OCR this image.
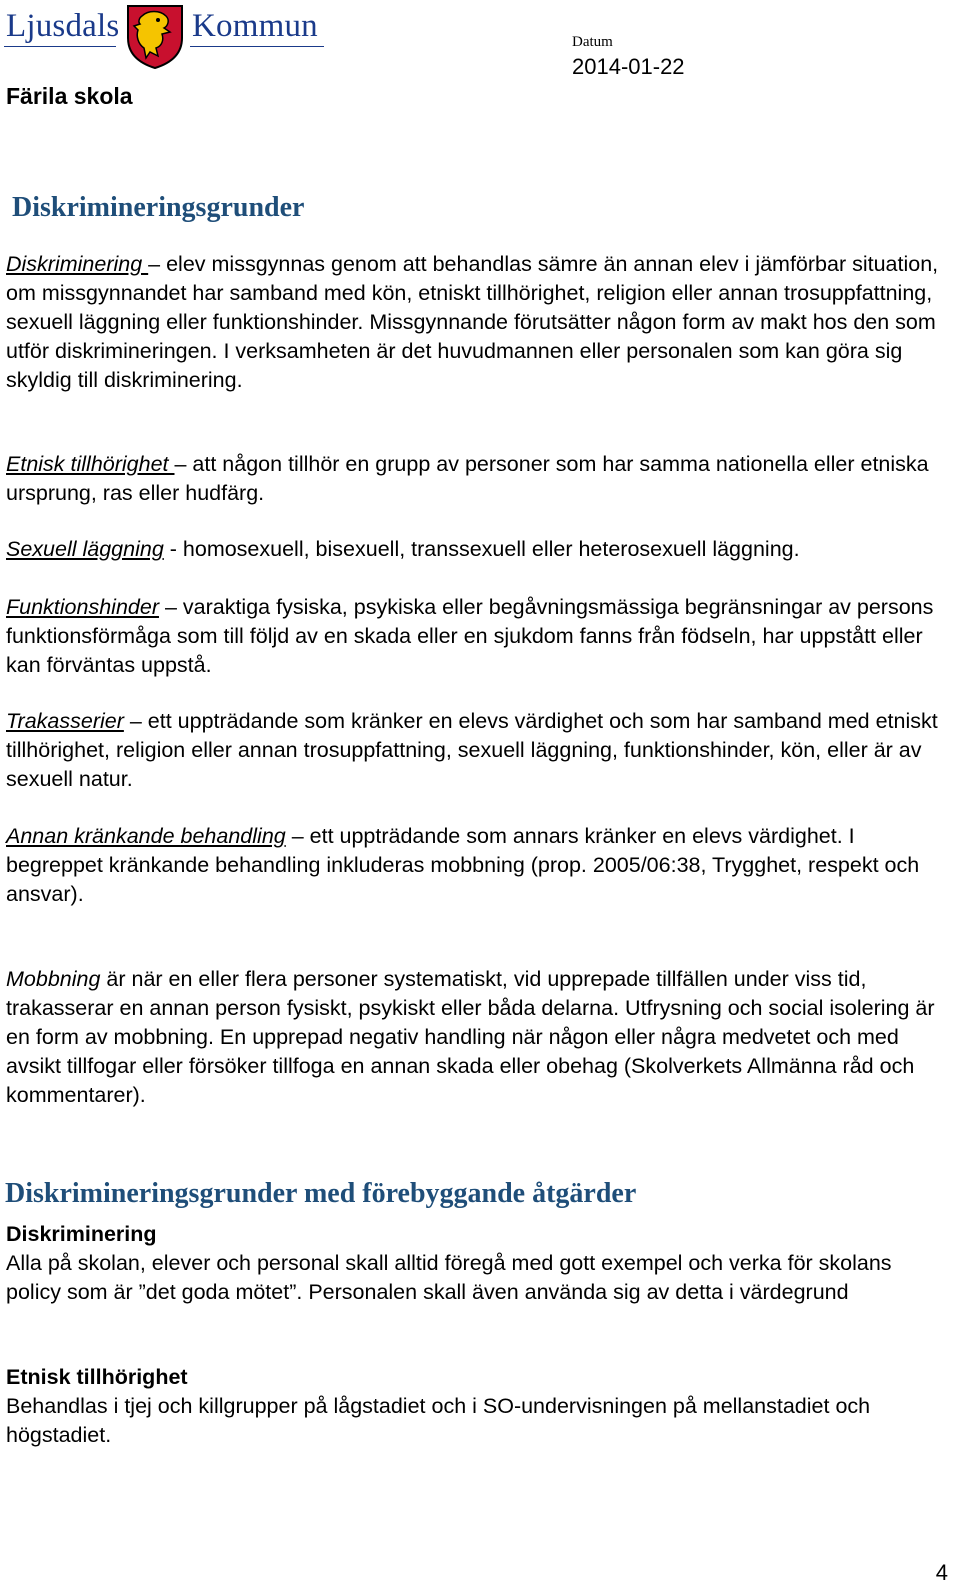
Ljusdals Kommun
Färila skola
Datum
2014-01-22
Diskrimineringsgrunder

Diskriminering – elev missgynnas genom att behandlas sämre än annan elev i jämförbar situation, om missgynnandet har samband med kön, etniskt tillhörighet, religion eller annan trosuppfattning, sexuell läggning eller funktionshinder. Missgynnande förutsätter någon form av makt hos den som utför diskrimineringen. I verksamheten är det huvudmannen eller personalen som kan göra sig skyldig till diskriminering.

Etnisk tillhörighet – att någon tillhör en grupp av personer som har samma nationella eller etniska ursprung, ras eller hudfärg.

Sexuell läggning - homosexuell, bisexuell, transsexuell eller heterosexuell läggning.

Funktionshinder – varaktiga fysiska, psykiska eller begåvningsmässiga begränsningar av persons funktionsförmåga som till följd av en skada eller en sjukdom fanns från födseln, har uppstått eller kan förväntas uppstå.

Trakasserier – ett uppträdande som kränker en elevs värdighet och som har samband med etniskt tillhörighet, religion eller annan trosuppfattning, sexuell läggning, funktionshinder, kön, eller är av sexuell natur.

Annan kränkande behandling – ett uppträdande som annars kränker en elevs värdighet. I begreppet kränkande behandling inkluderas mobbning (prop. 2005/06:38, Trygghet, respekt och ansvar).

Mobbning är när en eller flera personer systematiskt, vid upprepade tillfällen under viss tid, trakasserar en annan person fysiskt, psykiskt eller båda delarna. Utfrysning och social isolering är en form av mobbning. En upprepad negativ handling när någon eller några medvetet och med avsikt tillfogar eller försöker tillfoga en annan skada eller obehag (Skolverkets Allmänna råd och kommentarer).

Diskrimineringsgrunder med förebyggande åtgärder
Diskriminering

Alla på skolan, elever och personal skall alltid föregå med gott exempel och verka för skolans policy som är ”det goda mötet”. Personalen skall även använda sig av detta i värdegrund

Etnisk tillhörighet

Behandlas i tjej och killgrupper på lågstadiet och i SO-undervisningen på mellanstadiet och högstadiet.

4
